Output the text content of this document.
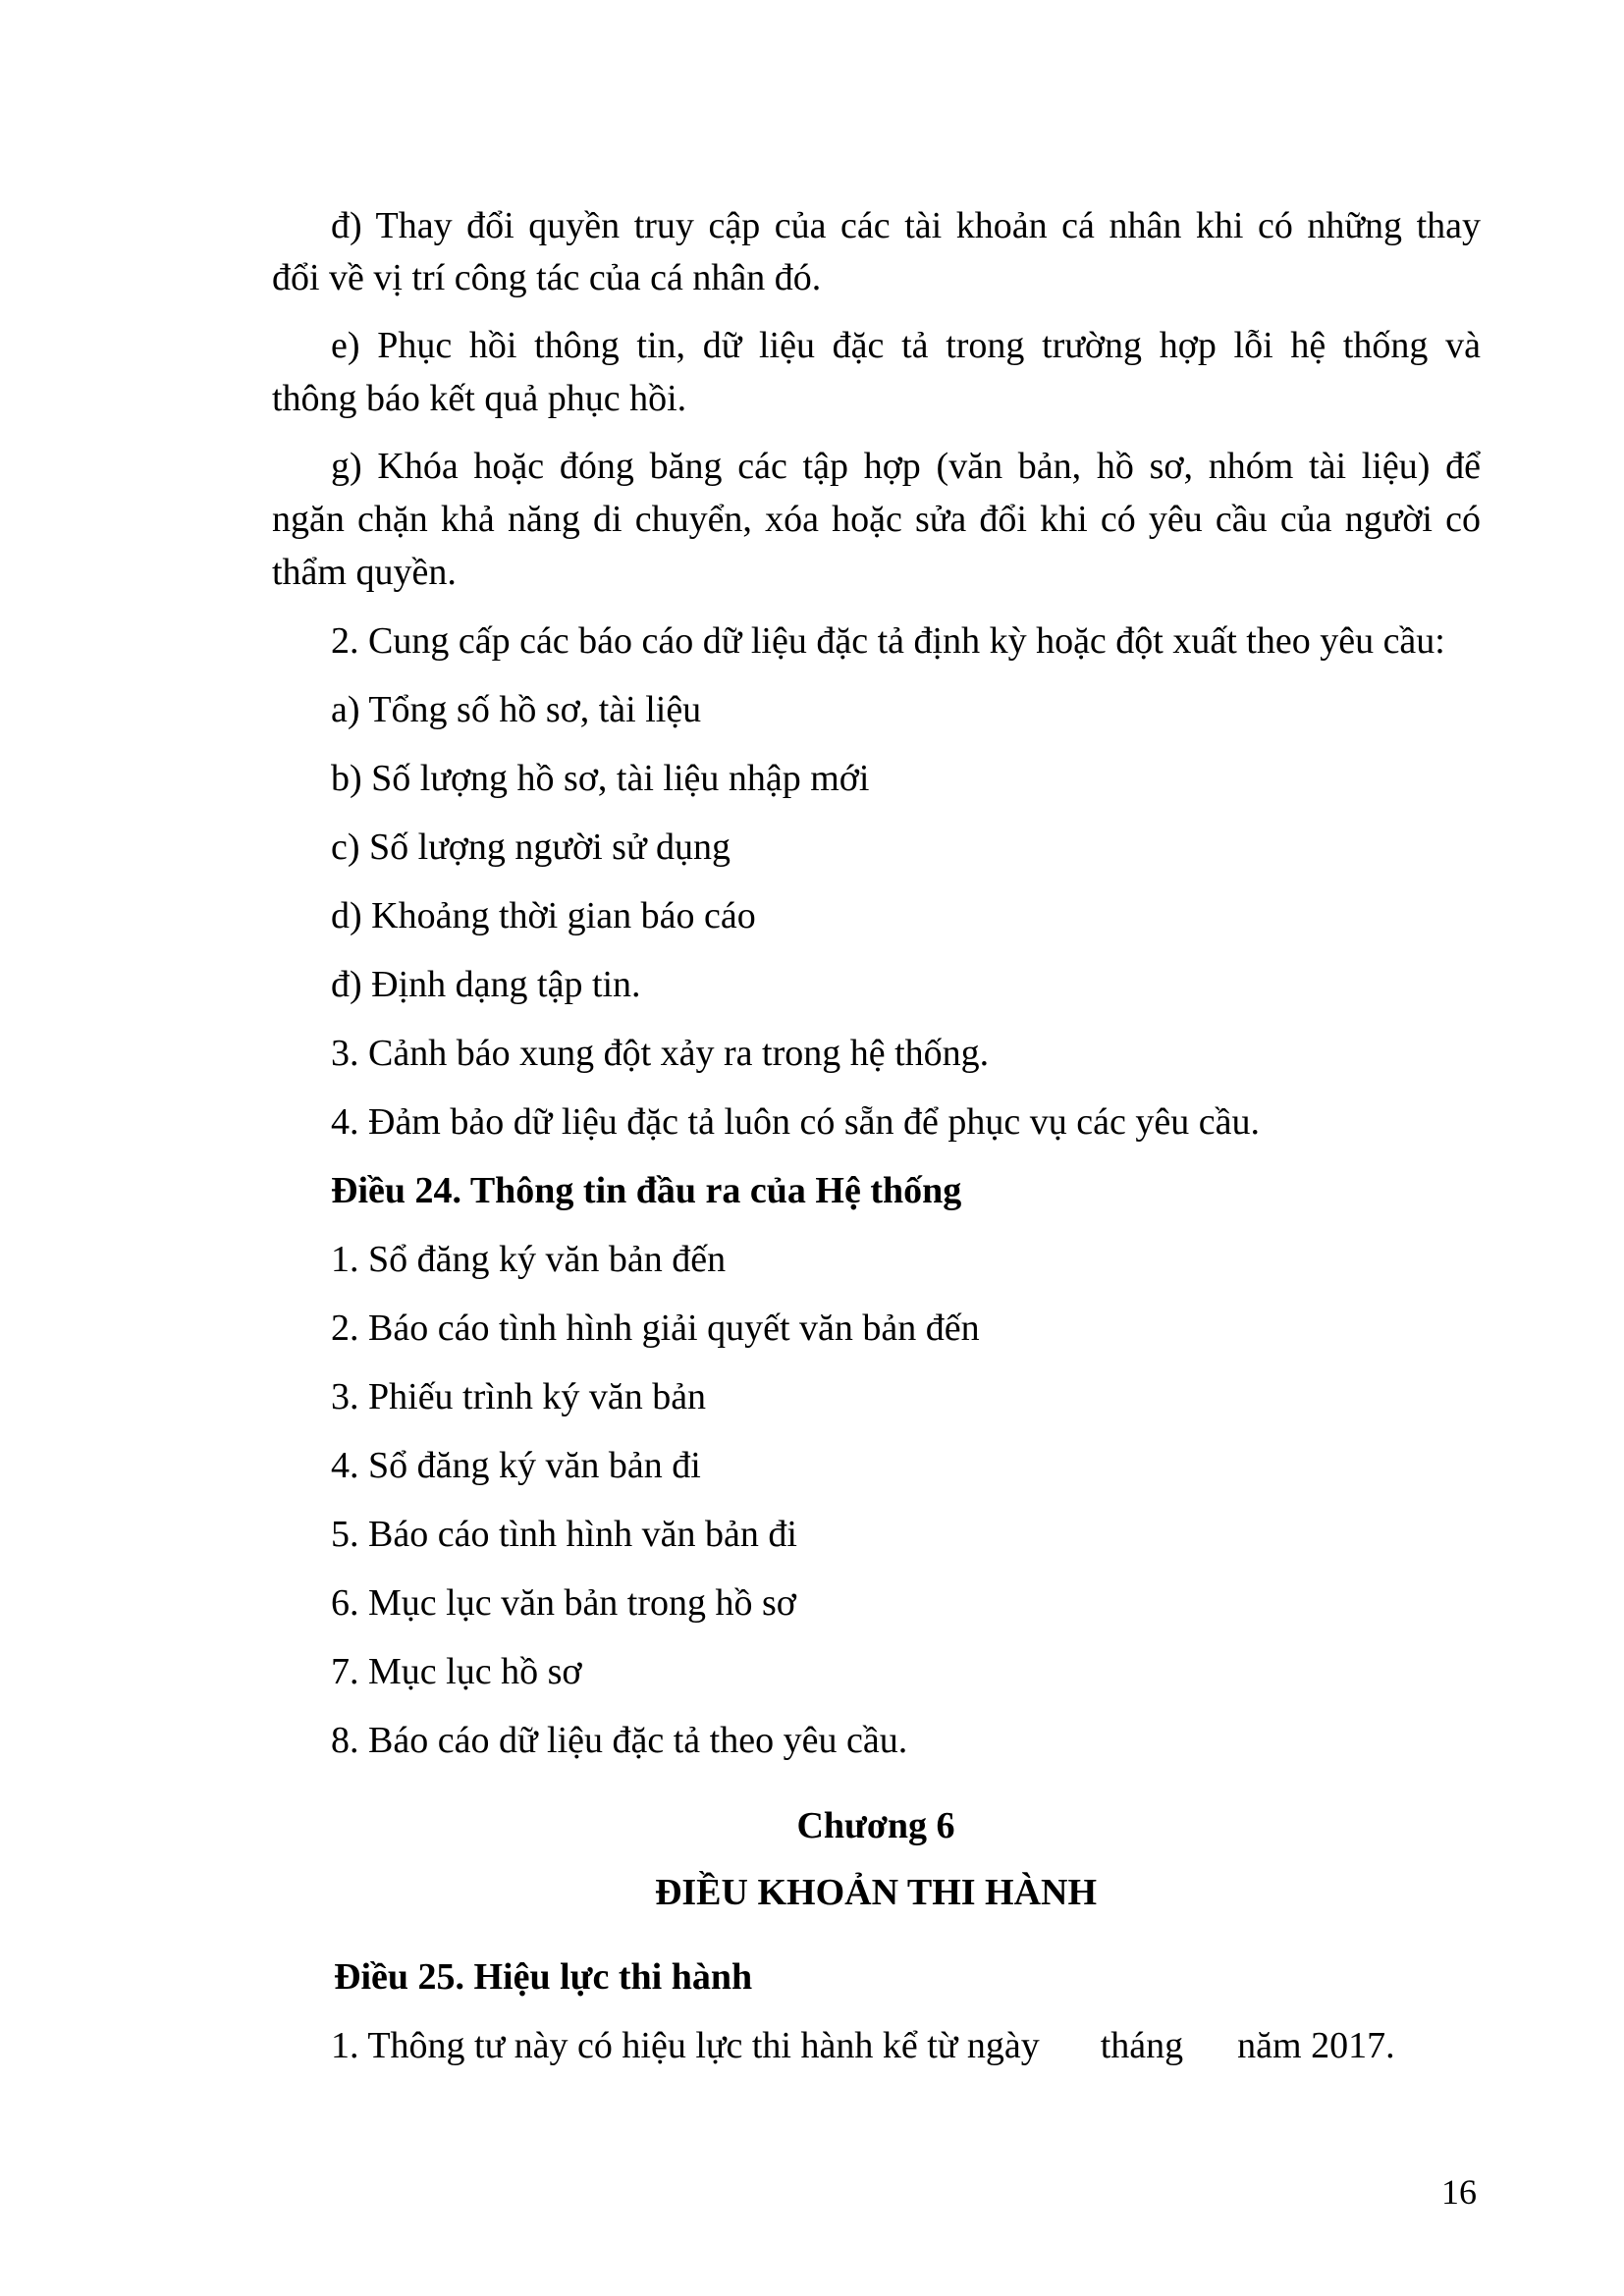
đ) Thay đổi quyền truy cập của các tài khoản cá nhân khi có những thay
đổi về vị trí công tác của cá nhân đó.
e) Phục hồi thông tin, dữ liệu đặc tả trong trường hợp lỗi hệ thống và
thông báo kết quả phục hồi.
g) Khóa hoặc đóng băng các tập hợp (văn bản, hồ sơ, nhóm tài liệu) để
ngăn chặn khả năng di chuyển, xóa hoặc sửa đổi khi có yêu cầu của người có
thẩm quyền.
2. Cung cấp các báo cáo dữ liệu đặc tả định kỳ hoặc đột xuất theo yêu cầu:
a) Tổng số hồ sơ, tài liệu
b) Số lượng hồ sơ, tài liệu nhập mới
c) Số lượng người sử dụng
d) Khoảng thời gian báo cáo
đ) Định dạng tập tin.
3. Cảnh báo xung đột xảy ra trong hệ thống.
4. Đảm bảo dữ liệu đặc tả luôn có sẵn để phục vụ các yêu cầu.
Điều 24. Thông tin đầu ra của Hệ thống
1. Sổ đăng ký văn bản đến
2. Báo cáo tình hình giải quyết văn bản đến
3. Phiếu trình ký văn bản
4. Sổ đăng ký văn bản đi
5. Báo cáo tình hình văn bản đi
6. Mục lục văn bản trong hồ sơ
7. Mục lục hồ sơ
8. Báo cáo dữ liệu đặc tả theo yêu cầu.
Chương 6
ĐIỀU KHOẢN THI HÀNH
Điều 25. Hiệu lực thi hành
1. Thông tư này có hiệu lực thi hành kể từ ngày tháng năm 2017.
16
